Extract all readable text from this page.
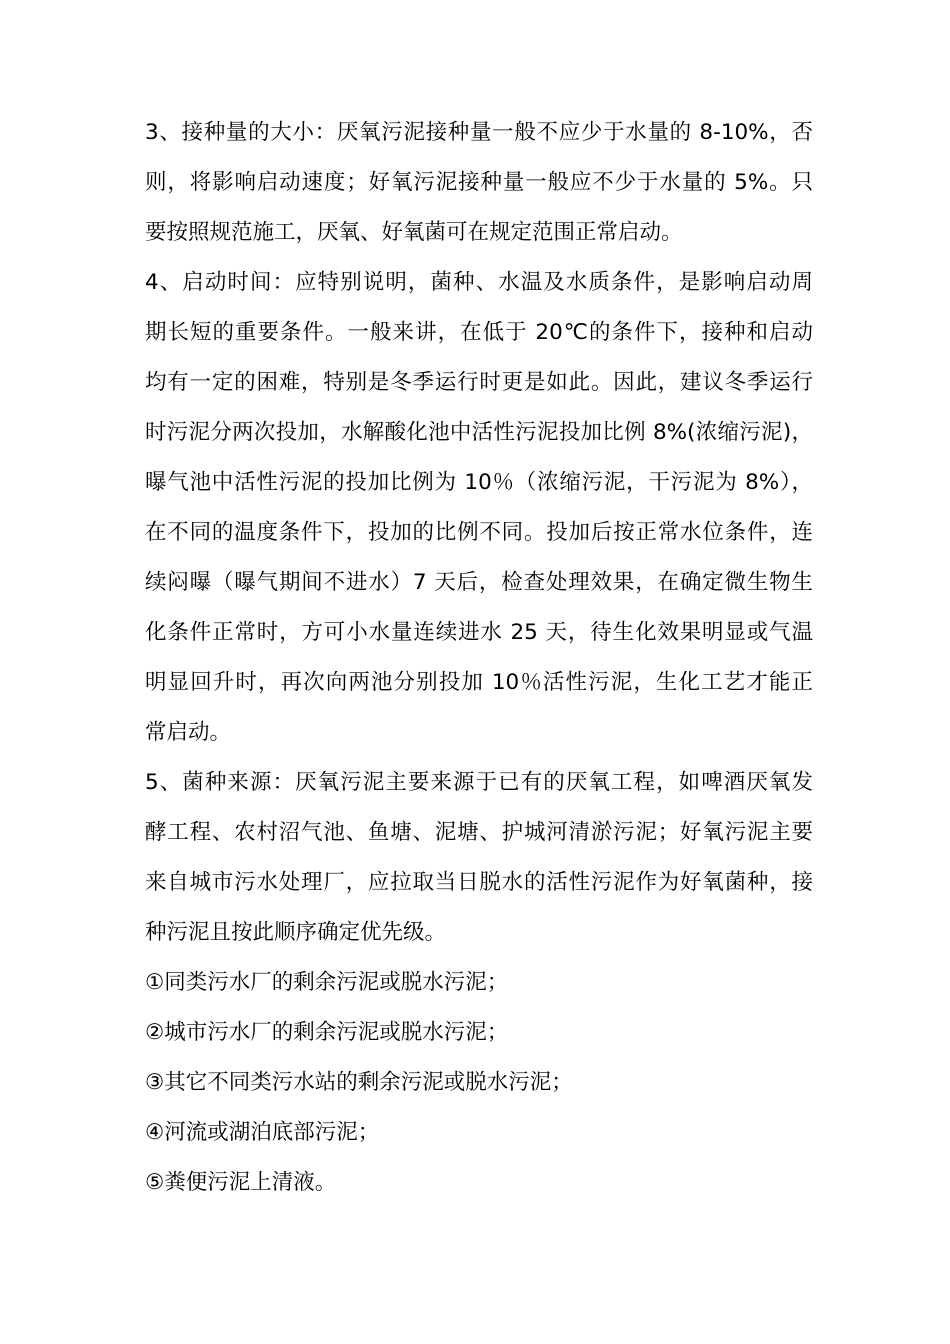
3、接种量的大小：厌氧污泥接种量一般不应少于水量的 8-10%，否
则，将影响启动速度；好氧污泥接种量一般应不少于水量的 5%。只
要按照规范施工，厌氧、好氧菌可在规定范围正常启动。
4、启动时间：应特别说明，菌种、水温及水质条件，是影响启动周
期长短的重要条件。一般来讲，在低于 20℃的条件下，接种和启动
均有一定的困难，特别是冬季运行时更是如此。因此，建议冬季运行
时污泥分两次投加，水解酸化池中活性污泥投加比例 8%(浓缩污泥)，
曝气池中活性污泥的投加比例为 10％（浓缩污泥，干污泥为 8%），
在不同的温度条件下，投加的比例不同。投加后按正常水位条件，连
续闷曝（曝气期间不进水）7 天后，检查处理效果，在确定微生物生
化条件正常时，方可小水量连续进水 25 天，待生化效果明显或气温
明显回升时，再次向两池分别投加 10％活性污泥，生化工艺才能正
常启动。
5、菌种来源：厌氧污泥主要来源于已有的厌氧工程，如啤酒厌氧发
酵工程、农村沼气池、鱼塘、泥塘、护城河清淤污泥；好氧污泥主要
来自城市污水处理厂，应拉取当日脱水的活性污泥作为好氧菌种，接
种污泥且按此顺序确定优先级。
①同类污水厂的剩余污泥或脱水污泥；
②城市污水厂的剩余污泥或脱水污泥；
③其它不同类污水站的剩余污泥或脱水污泥；
④河流或湖泊底部污泥；
⑤粪便污泥上清液。
